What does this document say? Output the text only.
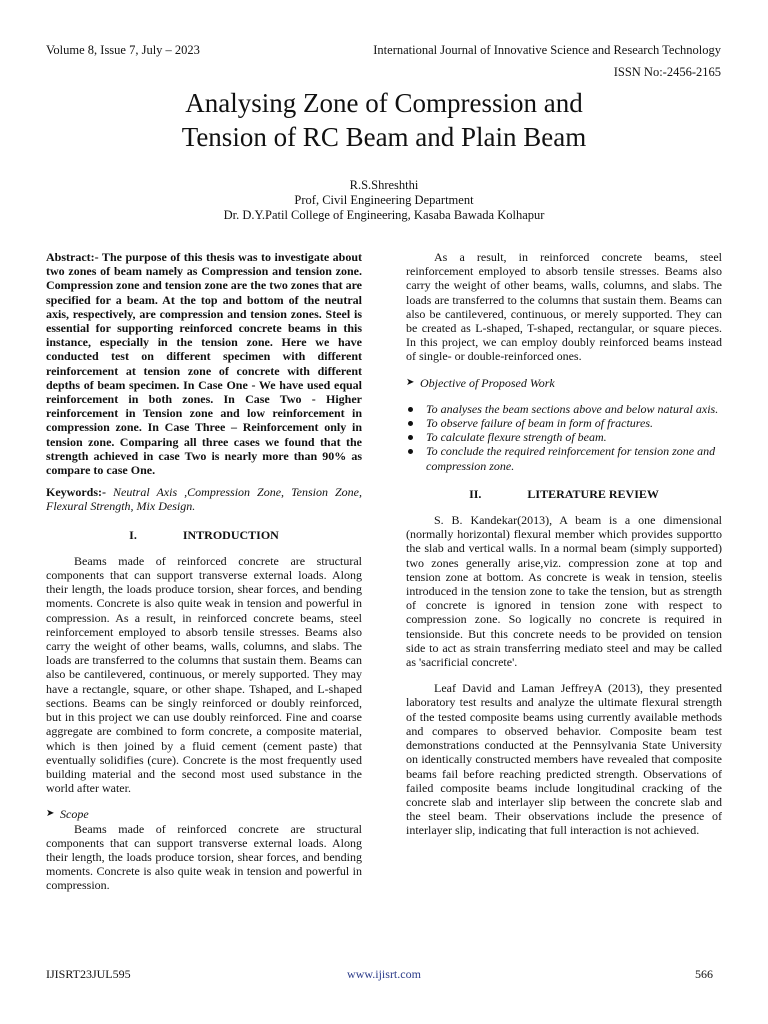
Volume 8, Issue 7, July – 2023	International Journal of Innovative Science and Research Technology
ISSN No:-2456-2165
Analysing Zone of Compression and
Tension of RC Beam and Plain Beam
R.S.Shreshthi
Prof, Civil Engineering Department
Dr. D.Y.Patil College of Engineering, Kasaba Bawada Kolhapur

Abstract:- The purpose of this thesis was to investigate about two zones of beam namely as Compression and tension zone. Compression zone and tension zone are the two zones that are specified for a beam. At the top and bottom of the neutral axis, respectively, are compression and tension zones. Steel is essential for supporting reinforced concrete beams in this instance, especially in the tension zone. Here we have conducted test on different specimen with different reinforcement at tension zone of concrete with different depths of beam specimen. In Case One - We have used equal reinforcement in both zones. In Case Two - Higher reinforcement in Tension zone and low reinforcement in compression zone. In Case Three – Reinforcement only in tension zone. Comparing all three cases we found that the strength achieved in case Two is nearly more than 90% as compare to case One.

Keywords:- Neutral Axis ,Compression Zone, Tension Zone, Flexural Strength, Mix Design.

I.	INTRODUCTION

Beams made of reinforced concrete are structural components that can support transverse external loads. Along their length, the loads produce torsion, shear forces, and bending moments. Concrete is also quite weak in tension and powerful in compression. As a result, in reinforced concrete beams, steel reinforcement employed to absorb tensile stresses. Beams also carry the weight of other beams, walls, columns, and slabs. The loads are transferred to the columns that sustain them. Beams can also be cantilevered, continuous, or merely supported. They may have a rectangle, square, or other shape. Tshaped, and L-shaped sections. Beams can be singly reinforced or doubly reinforced, but in this project we can use doubly reinforced. Fine and coarse aggregate are combined to form concrete, a composite material, which is then joined by a fluid cement (cement paste) that eventually solidifies (cure). Concrete is the most frequently used building material and the second most used substance in the world after water.

➤ Scope

Beams made of reinforced concrete are structural components that can support transverse external loads. Along their length, the loads produce torsion, shear forces, and bending moments. Concrete is also quite weak in tension and powerful in compression.

As a result, in reinforced concrete beams, steel reinforcement employed to absorb tensile stresses. Beams also carry the weight of other beams, walls, columns, and slabs. The loads are transferred to the columns that sustain them. Beams can also be cantilevered, continuous, or merely supported. They can be created as L-shaped, T-shaped, rectangular, or square pieces. In this project, we can employ doubly reinforced beams instead of single- or double-reinforced ones.

➤ Objective of Proposed Work
To analyses the beam sections above and below natural axis.
To observe failure of beam in form of fractures.
To calculate flexure strength of beam.
To conclude the required reinforcement for tension zone and compression zone.
II.	LITERATURE REVIEW

S. B. Kandekar(2013), A beam is a one dimensional (normally horizontal) flexural member which provides supportto the slab and vertical walls. In a normal beam (simply supported) two zones generally arise,viz. compression zone at top and tension zone at bottom. As concrete is weak in tension, steelis introduced in the tension zone to take the tension, but as strength of concrete is ignored in tension zone with respect to compression zone. So logically no concrete is required in tensionside. But this concrete needs to be provided on tension side to act as strain transferring mediato steel and may be called as 'sacrificial concrete'.

Leaf David and Laman JeffreyA (2013), they presented laboratory test results and analyze the ultimate flexural strength of the tested composite beams using currently available methods and compares to observed behavior. Composite beam test demonstrations conducted at the Pennsylvania State University on identically constructed members have revealed that composite beams fail before reaching predicted strength. Observations of failed composite beams include longitudinal cracking of the concrete slab and interlayer slip between the concrete slab and the steel beam. Their observations include the presence of interlayer slip, indicating that full interaction is not achieved.

IJISRT23JUL595	www.ijisrt.com	566
